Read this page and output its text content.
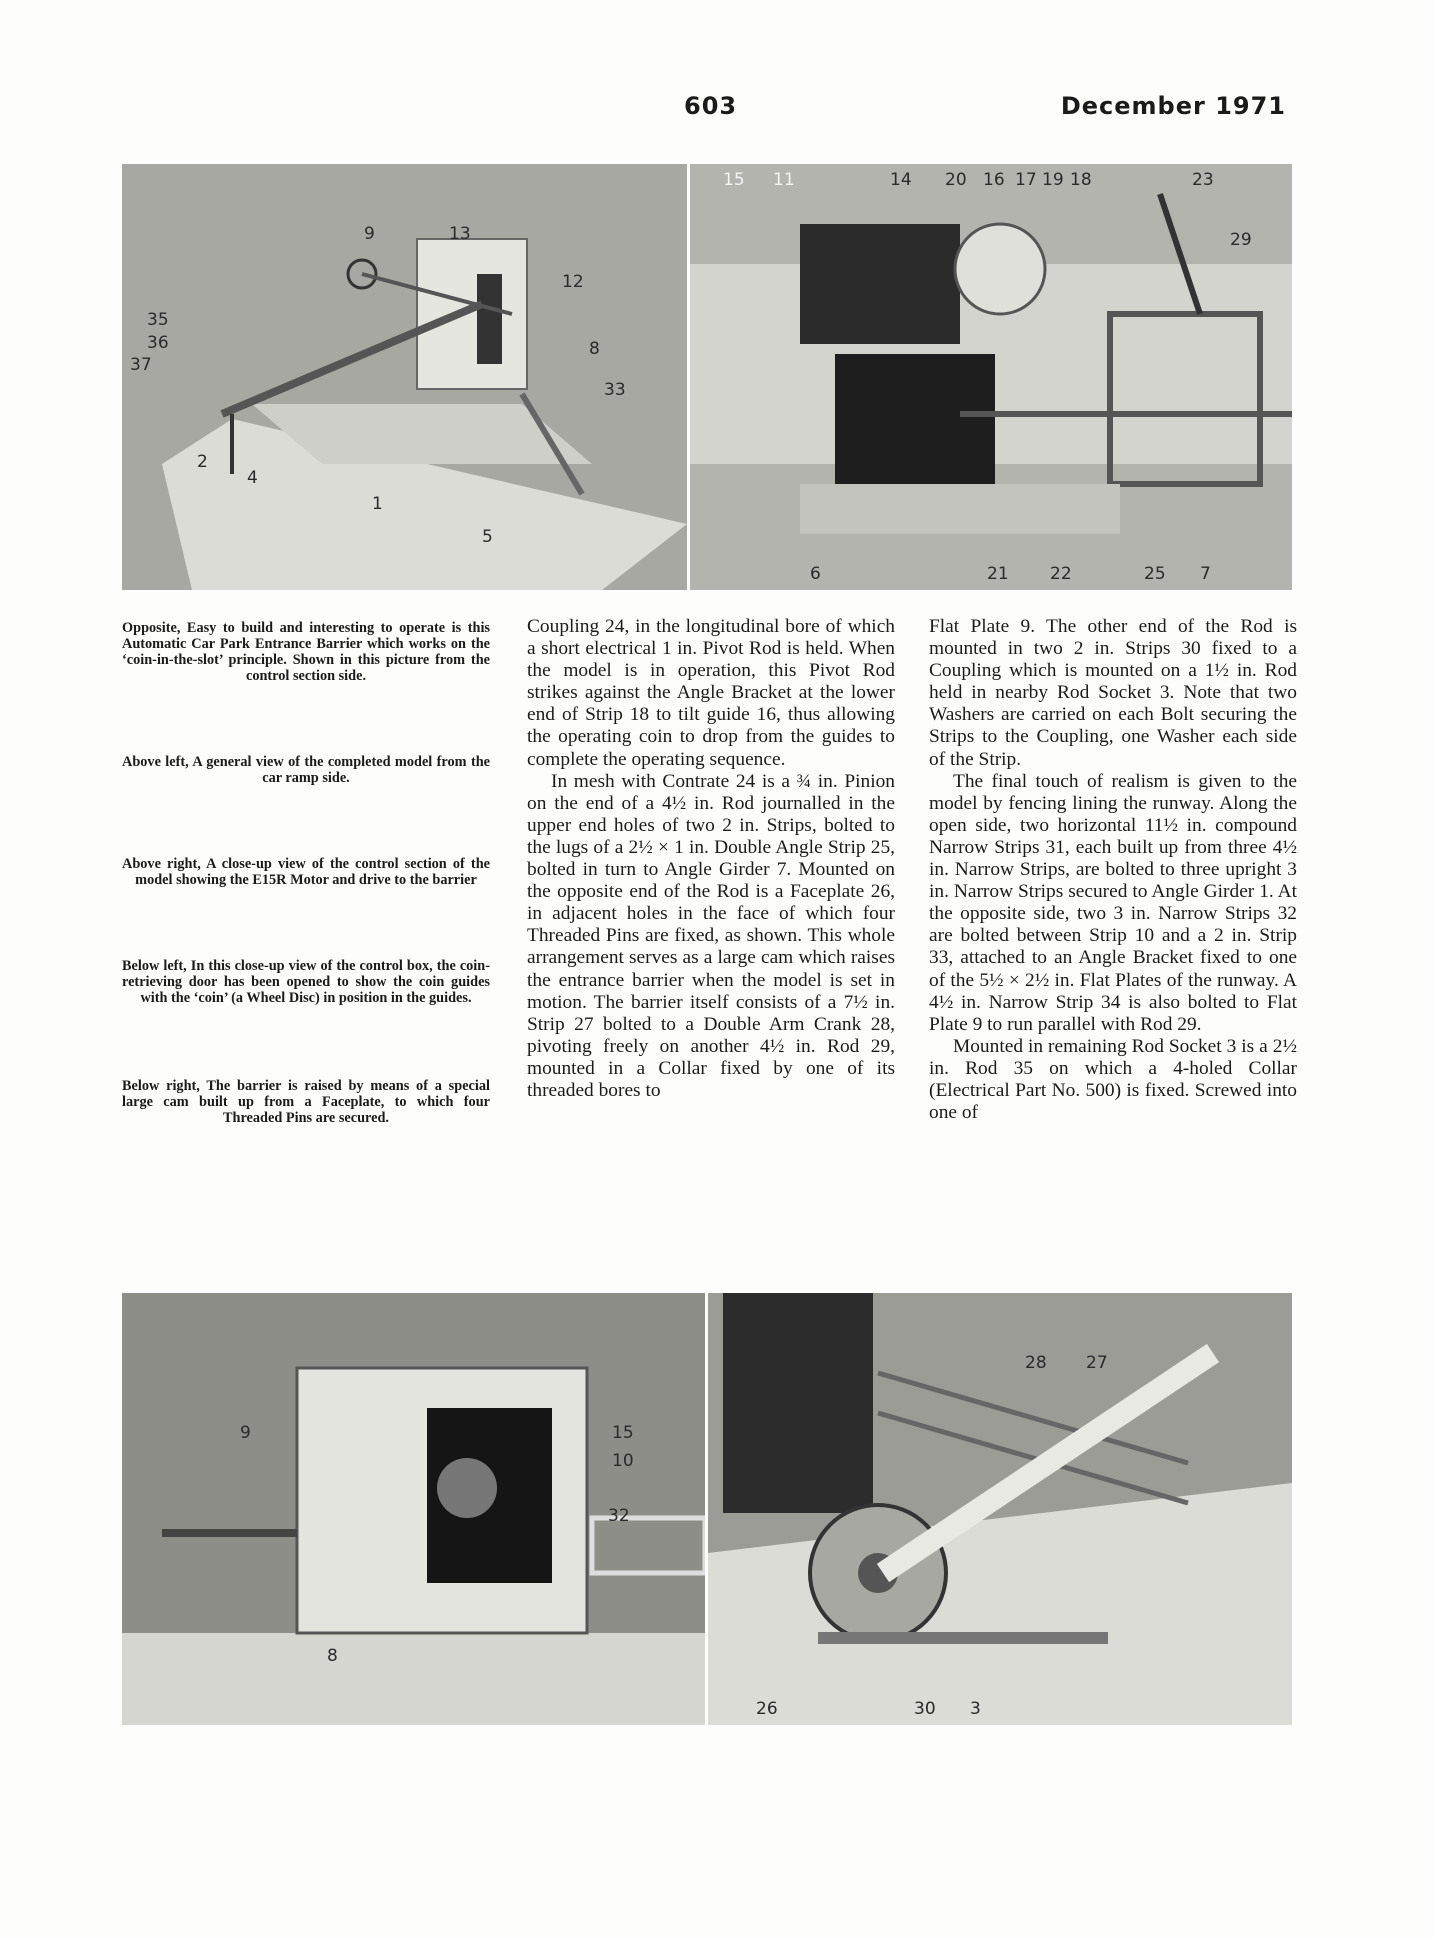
603	December 1971
9	13
12
35
36
37
8
33
2
4
1
5
15 11	14 20 16 17 19 18	23
29
6	21 22	25 7

Opposite, Easy to build and interesting to operate is this Automatic Car Park Entrance Barrier which works on the ‘coin-in-the-slot’ principle. Shown in this picture from the control section side.

Above left, A general view of the completed model from the car ramp side.

Above right, A close-up view of the control section of the model showing the E15R Motor and drive to the barrier

Below left, In this close-up view of the control box, the coin-retrieving door has been opened to show the coin guides with the ‘coin’ (a Wheel Disc) in position in the guides.

Below right, The barrier is raised by means of a special large cam built up from a Faceplate, to which four Threaded Pins are secured.

Coupling 24, in the longitudinal bore of which a short electrical 1 in. Pivot Rod is held. When the model is in operation, this Pivot Rod strikes against the Angle Bracket at the lower end of Strip 18 to tilt guide 16, thus allowing the operating coin to drop from the guides to complete the operating sequence.

In mesh with Contrate 24 is a ¾ in. Pinion on the end of a 4½ in. Rod journalled in the upper end holes of two 2 in. Strips, bolted to the lugs of a 2½ × 1 in. Double Angle Strip 25, bolted in turn to Angle Girder 7. Mounted on the opposite end of the Rod is a Faceplate 26, in adjacent holes in the face of which four Threaded Pins are fixed, as shown. This whole arrangement serves as a large cam which raises the entrance barrier when the model is set in motion. The barrier itself consists of a 7½ in. Strip 27 bolted to a Double Arm Crank 28, pivoting freely on another 4½ in. Rod 29, mounted in a Collar fixed by one of its threaded bores to

Flat Plate 9. The other end of the Rod is mounted in two 2 in. Strips 30 fixed to a Coupling which is mounted on a 1½ in. Rod held in nearby Rod Socket 3. Note that two Washers are carried on each Bolt securing the Strips to the Coupling, one Washer each side of the Strip.

The final touch of realism is given to the model by fencing lining the runway. Along the open side, two horizontal 11½ in. compound Narrow Strips 31, each built up from three 4½ in. Narrow Strips, are bolted to three upright 3 in. Narrow Strips secured to Angle Girder 1. At the opposite side, two 3 in. Narrow Strips 32 are bolted between Strip 10 and a 2 in. Strip 33, attached to an Angle Bracket fixed to one of the 5½ × 2½ in. Flat Plates of the runway. A 4½ in. Narrow Strip 34 is also bolted to Flat Plate 9 to run parallel with Rod 29.

Mounted in remaining Rod Socket 3 is a 2½ in. Rod 35 on which a 4-holed Collar (Electrical Part No. 500) is fixed. Screwed into one of

9	15
10
32
8
28 27
26	30 3
